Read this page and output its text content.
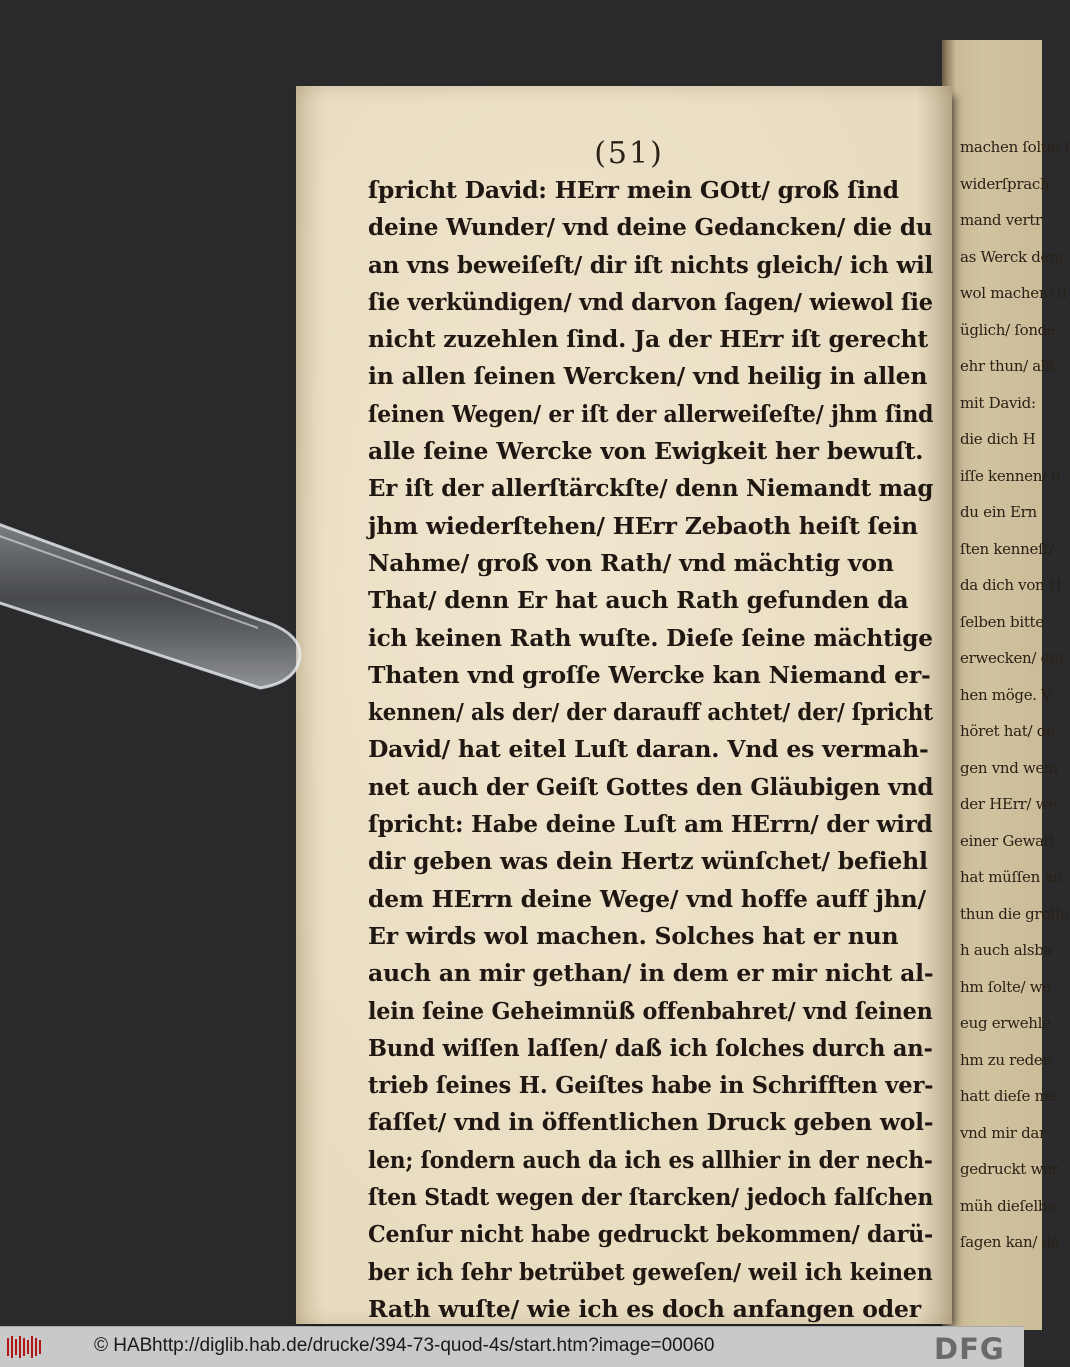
machen ſolte/ ſ
widerſprach
mand vertr
as Werck dem
wol machen/ d
üglich/ ſonde
ehr thun/ alß
mit David:
die dich H
iſſe kennen/ d
du ein Ern
ſten kenneſt/
da dich von H
ſelben bitte
erwecken/ der
hen möge. V
höret hat/ de
gen vnd wein
der HErr/ we
einer Gewalt
hat müſſen an
thun die groſſe
h auch alsba
hm ſolte/ we
eug erwehle
hm zu reden
hatt dieſe me
vnd mir dar
gedruckt wer
müh dieſelbe
ſagen kan/ da
(51)
ſpricht David: HErr mein GOtt/ groß ſind
deine Wunder/ vnd deine Gedancken/ die du
an vns beweiſeſt/ dir iſt nichts gleich/ ich wil
ſie verkündigen/ vnd darvon ſagen/ wiewol ſie
nicht zuzehlen ſind. Ja der HErr iſt gerecht
in allen ſeinen Wercken/ vnd heilig in allen
ſeinen Wegen/ er iſt der allerweiſeſte/ jhm ſind
alle ſeine Wercke von Ewigkeit her bewuſt.
Er iſt der allerſtärckſte/ denn Niemandt mag
jhm wiederſtehen/ HErr Zebaoth heiſt ſein
Nahme/ groß von Rath/ vnd mächtig von
That/ denn Er hat auch Rath gefunden da
ich keinen Rath wuſte. Dieſe ſeine mächtige
Thaten vnd groſſe Wercke kan Niemand er-
kennen/ als der/ der darauff achtet/ der/ ſpricht
David/ hat eitel Luſt daran. Vnd es vermah-
net auch der Geiſt Gottes den Gläubigen vnd
ſpricht: Habe deine Luſt am HErrn/ der wird
dir geben was dein Hertz wünſchet/ befiehl
dem HErrn deine Wege/ vnd hoffe auff jhn/
Er wirds wol machen. Solches hat er nun
auch an mir gethan/ in dem er mir nicht al-
lein ſeine Geheimnüß offenbahret/ vnd ſeinen
Bund wiſſen laſſen/ daß ich ſolches durch an-
trieb ſeines H. Geiſtes habe in Schrifften ver-
faſſet/ vnd in öffentlichen Druck geben wol-
len; ſondern auch da ich es allhier in der nech-
ſten Stadt wegen der ſtarcken/ jedoch falſchen
Cenſur nicht habe gedruckt bekommen/ darü-
ber ich ſehr betrübet geweſen/ weil ich keinen
Rath wuſte/ wie ich es doch anfangen oder
© HAB http://diglib.hab.de/drucke/394-73-quod-4s/start.htm?image=00060	DFG
